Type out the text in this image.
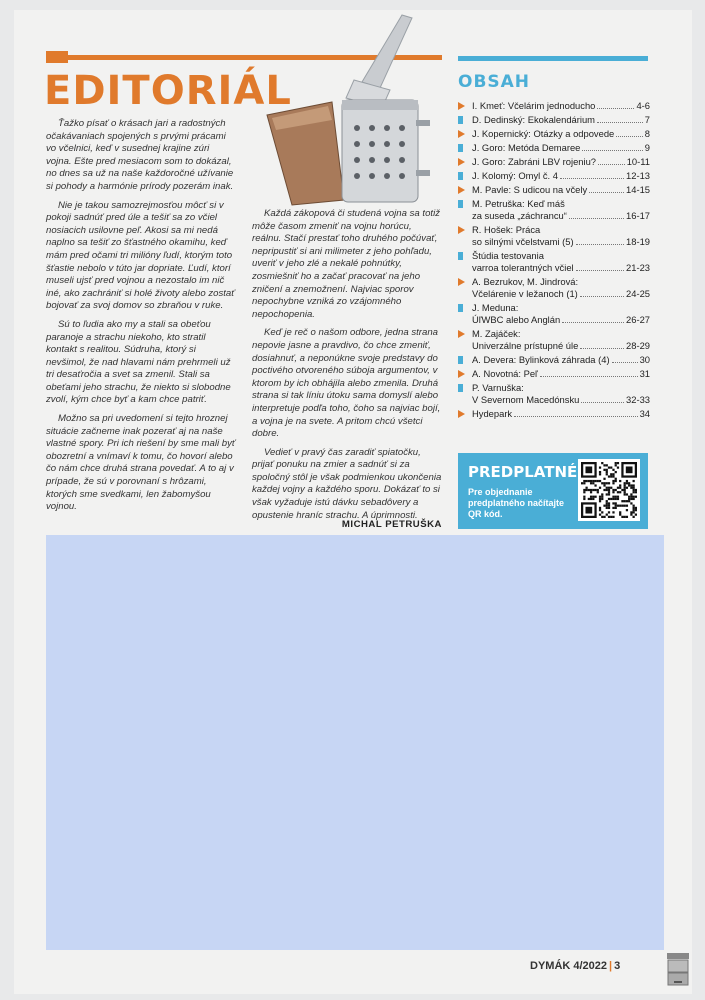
EDITORIÁL

Ťažko písať o krásach jari a radostných očakávaniach spojených s prvými prácami vo včelnici, keď v susednej krajine zúri vojna. Ešte pred mesiacom som to dokázal, no dnes sa už na naše každoročné užívanie si pohody a harmónie prírody pozerám inak.

Nie je takou samozrejmosťou môcť si v pokoji sadnúť pred úle a tešiť sa zo včiel nosiacich usilovne peľ. Akosi sa mi nedá naplno sa tešiť zo šťastného okamihu, keď mám pred očami tri milióny ľudí, ktorým toto šťastie nebolo v túto jar dopriate. Ľudí, ktorí museli ujsť pred vojnou a nezostalo im nič iné, ako zachrániť si holé životy alebo zostať bojovať za svoj domov so zbraňou v ruke.

Sú to ľudia ako my a stali sa obeťou paranoje a strachu niekoho, kto stratil kontakt s realitou. Súdruha, ktorý si nevšimol, že nad hlavami nám prehrmeli už tri desaťročia a svet sa zmenil. Stali sa obeťami jeho strachu, že niekto si slobodne zvolí, kým chce byť a kam chce patriť.

Možno sa pri uvedomení si tejto hroznej situácie začneme inak pozerať aj na naše vlastné spory. Pri ich riešení by sme mali byť obozretní a vnímaví k tomu, čo hovorí alebo čo nám chce druhá strana povedať. A to aj v prípade, že sú v porovnaní s hrôzami, ktorých sme svedkami, len žabomyšou vojnou.

Každá zákopová či studená vojna sa totiž môže časom zmeniť na vojnu horúcu, reálnu. Stačí prestať toho druhého počúvať, nepripustiť si ani milimeter z jeho pohľadu, uveriť v jeho zlé a nekalé pohnútky, zosmiešniť ho a začať pracovať na jeho zničení a znemožnení. Najviac sporov nepochybne vzniká zo vzájomného nepochopenia.

Keď je reč o našom odbore, jedna strana nepovie jasne a pravdivo, čo chce zmeniť, dosiahnuť, a neponúkne svoje predstavy do poctivého otvoreného súboja argumentov, v ktorom by ich obhájila alebo zmenila. Druhá strana si tak líniu útoku sama domyslí alebo interpretuje podľa toho, čoho sa najviac bojí, a vojna je na svete. A pritom chcú všetci dobre.

Vedieť v pravý čas zaradiť spiatočku, prijať ponuku na zmier a sadnúť si za spoločný stôl je však podmienkou ukončenia každej vojny a každého sporu. Dokázať to si však vyžaduje istú dávku sebadôvery a opustenie hraníc strachu. A úprimnosti.

MICHAL PETRUŠKA
OBSAH
I. Kmeť: Včelárim jednoducho	4-6
D. Dedinský: Ekokalendárium	7
J. Kopernický: Otázky a odpovede	8
J. Goro: Metóda Demaree	9
J. Goro: Zabráni LBV rojeniu?	10-11
J. Kolomý: Omyl č. 4	12-13
M. Pavle: S udicou na včely	14-15
M. Petruška: Keď máš
za suseda „záchrancu“	16-17
R. Hošek: Práca
so silnými včelstvami (5)	18-19
Štúdia testovania
varroa tolerantných včiel	21-23
A. Bezrukov, M. Jindrová:
Včelárenie v ležanoch (1)	24-25
J. Meduna:
ÚľWBC alebo Anglán	26-27
M. Zajáček:
Univerzálne prístupné úle	28-29
A. Devera: Bylinková záhrada (4)	30
A. Novotná: Peľ	31
P. Varnuška:
V Severnom Macedónsku	32-33
Hydepark	34
PREDPLATNÉ
Pre objednanie predplatného načítajte QR kód.
DYMÁK 4/2022 | 3
